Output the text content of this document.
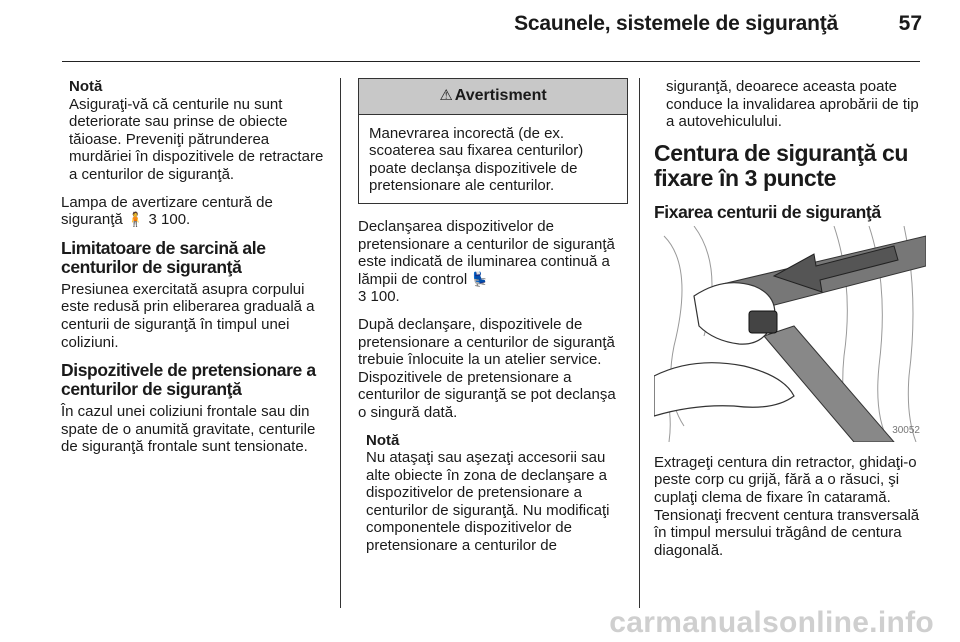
Scaunele, sistemele de siguranţă	57
Notă

Asiguraţi-vă că centurile nu sunt deteriorate sau prinse de obiecte tăioase. Preveniţi pătrunderea murdăriei în dispozitivele de retractare a centurilor de siguranţă.

Lampa de avertizare centură de siguranţă 🧍 3 100.

Limitatoare de sarcină ale centurilor de siguranţă

Presiunea exercitată asupra corpului este redusă prin eliberarea graduală a centurii de siguranţă în timpul unei coliziuni.

Dispozitivele de pretensionare a centurilor de siguranţă

În cazul unei coliziuni frontale sau din spate de o anumită gravitate, centurile de siguranţă frontale sunt tensionate.

⚠ Avertisment
Manevrarea incorectă (de ex. scoaterea sau fixarea centurilor) poate declanşa dispozitivele de pretensionare ale centurilor.

Declanşarea dispozitivelor de pretensionare a centurilor de siguranţă este indicată de iluminarea continuă a lămpii de control 💺
3 100.

După declanşare, dispozitivele de pretensionare a centurilor de siguranţă trebuie înlocuite la un atelier service. Dispozitivele de pretensionare a centurilor de siguranţă se pot declanşa o singură dată.

Notă

Nu ataşaţi sau aşezaţi accesorii sau alte obiecte în zona de declanşare a dispozitivelor de pretensionare a centurilor de siguranţă. Nu modificaţi componentele dispozitivelor de pretensionare a centurilor de

siguranţă, deoarece aceasta poate conduce la invalidarea aprobării de tip a autovehiculului.

Centura de siguranţă cu fixare în 3 puncte
Fixarea centurii de siguranţă
30052

Extrageţi centura din retractor, ghidaţi-o peste corp cu grijă, fără a o răsuci, şi cuplaţi clema de fixare în cataramă. Tensionaţi frecvent centura transversală în timpul mersului trăgând de centura diagonală.

carmanualsonline.info
